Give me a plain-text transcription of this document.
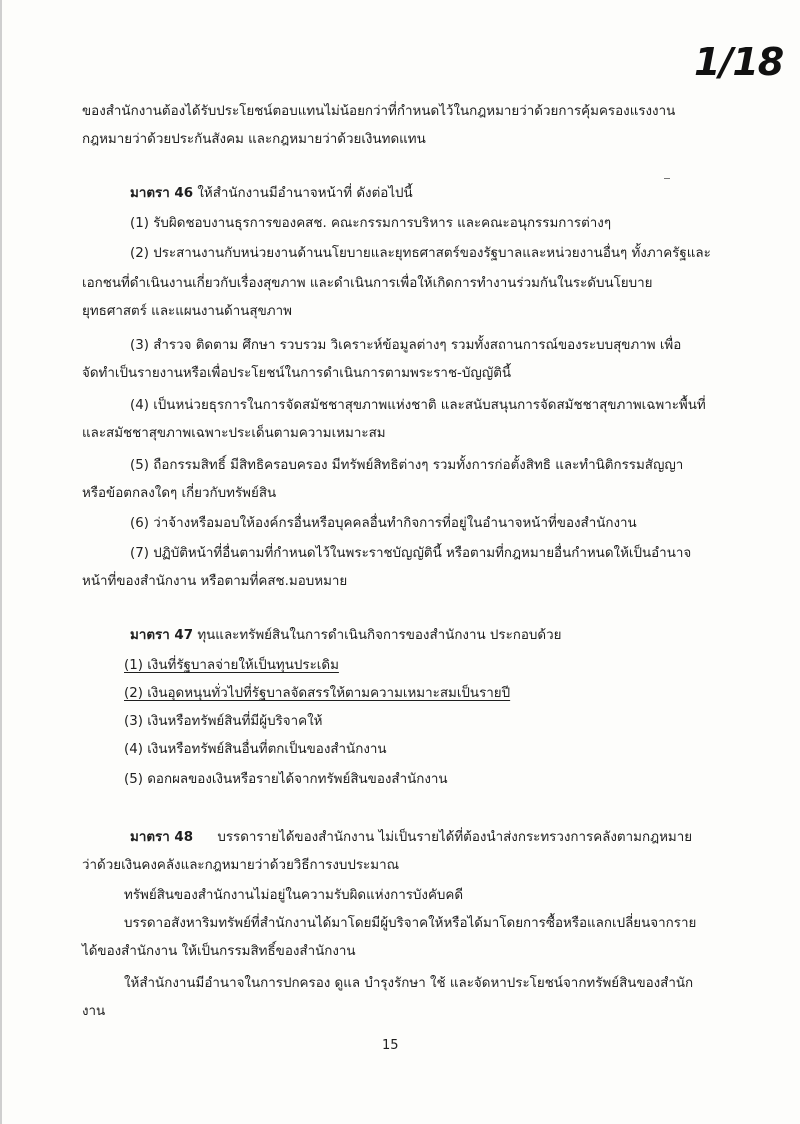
1/18

ของสำนักงานต้องได้รับประโยชน์ตอบแทนไม่น้อยกว่าที่กำหนดไว้ในกฎหมายว่าด้วยการคุ้มครองแรงงาน

กฎหมายว่าด้วยประกันสังคม และกฎหมายว่าด้วยเงินทดแทน

มาตรา 46 ให้สำนักงานมีอำนาจหน้าที่ ดังต่อไปนี้

(1) รับผิดชอบงานธุรการของคสช. คณะกรรมการบริหาร และคณะอนุกรรมการต่างๆ

(2) ประสานงานกับหน่วยงานด้านนโยบายและยุทธศาสตร์ของรัฐบาลและหน่วยงานอื่นๆ ทั้งภาครัฐและ

เอกชนที่ดำเนินงานเกี่ยวกับเรื่องสุขภาพ และดำเนินการเพื่อให้เกิดการทำงานร่วมกันในระดับนโยบาย

ยุทธศาสตร์ และแผนงานด้านสุขภาพ

(3) สำรวจ ติดตาม ศึกษา รวบรวม วิเคราะห์ข้อมูลต่างๆ รวมทั้งสถานการณ์ของระบบสุขภาพ เพื่อ

จัดทำเป็นรายงานหรือเพื่อประโยชน์ในการดำเนินการตามพระราช-บัญญัตินี้

(4) เป็นหน่วยธุรการในการจัดสมัชชาสุขภาพแห่งชาติ และสนับสนุนการจัดสมัชชาสุขภาพเฉพาะพื้นที่

และสมัชชาสุขภาพเฉพาะประเด็นตามความเหมาะสม

(5) ถือกรรมสิทธิ์ มีสิทธิครอบครอง มีทรัพย์สิทธิต่างๆ รวมทั้งการก่อตั้งสิทธิ และทำนิติกรรมสัญญา

หรือข้อตกลงใดๆ เกี่ยวกับทรัพย์สิน

(6) ว่าจ้างหรือมอบให้องค์กรอื่นหรือบุคคลอื่นทำกิจการที่อยู่ในอำนาจหน้าที่ของสำนักงาน

(7) ปฏิบัติหน้าที่อื่นตามที่กำหนดไว้ในพระราชบัญญัตินี้ หรือตามที่กฎหมายอื่นกำหนดให้เป็นอำนาจ

หน้าที่ของสำนักงาน หรือตามที่คสช.มอบหมาย

มาตรา 47 ทุนและทรัพย์สินในการดำเนินกิจการของสำนักงาน ประกอบด้วย

(1) เงินที่รัฐบาลจ่ายให้เป็นทุนประเดิม

(2) เงินอุดหนุนทั่วไปที่รัฐบาลจัดสรรให้ตามความเหมาะสมเป็นรายปี

(3) เงินหรือทรัพย์สินที่มีผู้บริจาคให้

(4) เงินหรือทรัพย์สินอื่นที่ตกเป็นของสำนักงาน

(5) ดอกผลของเงินหรือรายได้จากทรัพย์สินของสำนักงาน

มาตรา 48 บรรดารายได้ของสำนักงาน ไม่เป็นรายได้ที่ต้องนำส่งกระทรวงการคลังตามกฎหมาย

ว่าด้วยเงินคงคลังและกฎหมายว่าด้วยวิธีการงบประมาณ

ทรัพย์สินของสำนักงานไม่อยู่ในความรับผิดแห่งการบังคับคดี

บรรดาอสังหาริมทรัพย์ที่สำนักงานได้มาโดยมีผู้บริจาคให้หรือได้มาโดยการซื้อหรือแลกเปลี่ยนจากราย

ได้ของสำนักงาน ให้เป็นกรรมสิทธิ์ของสำนักงาน

ให้สำนักงานมีอำนาจในการปกครอง ดูแล บำรุงรักษา ใช้ และจัดหาประโยชน์จากทรัพย์สินของสำนัก

งาน

15
